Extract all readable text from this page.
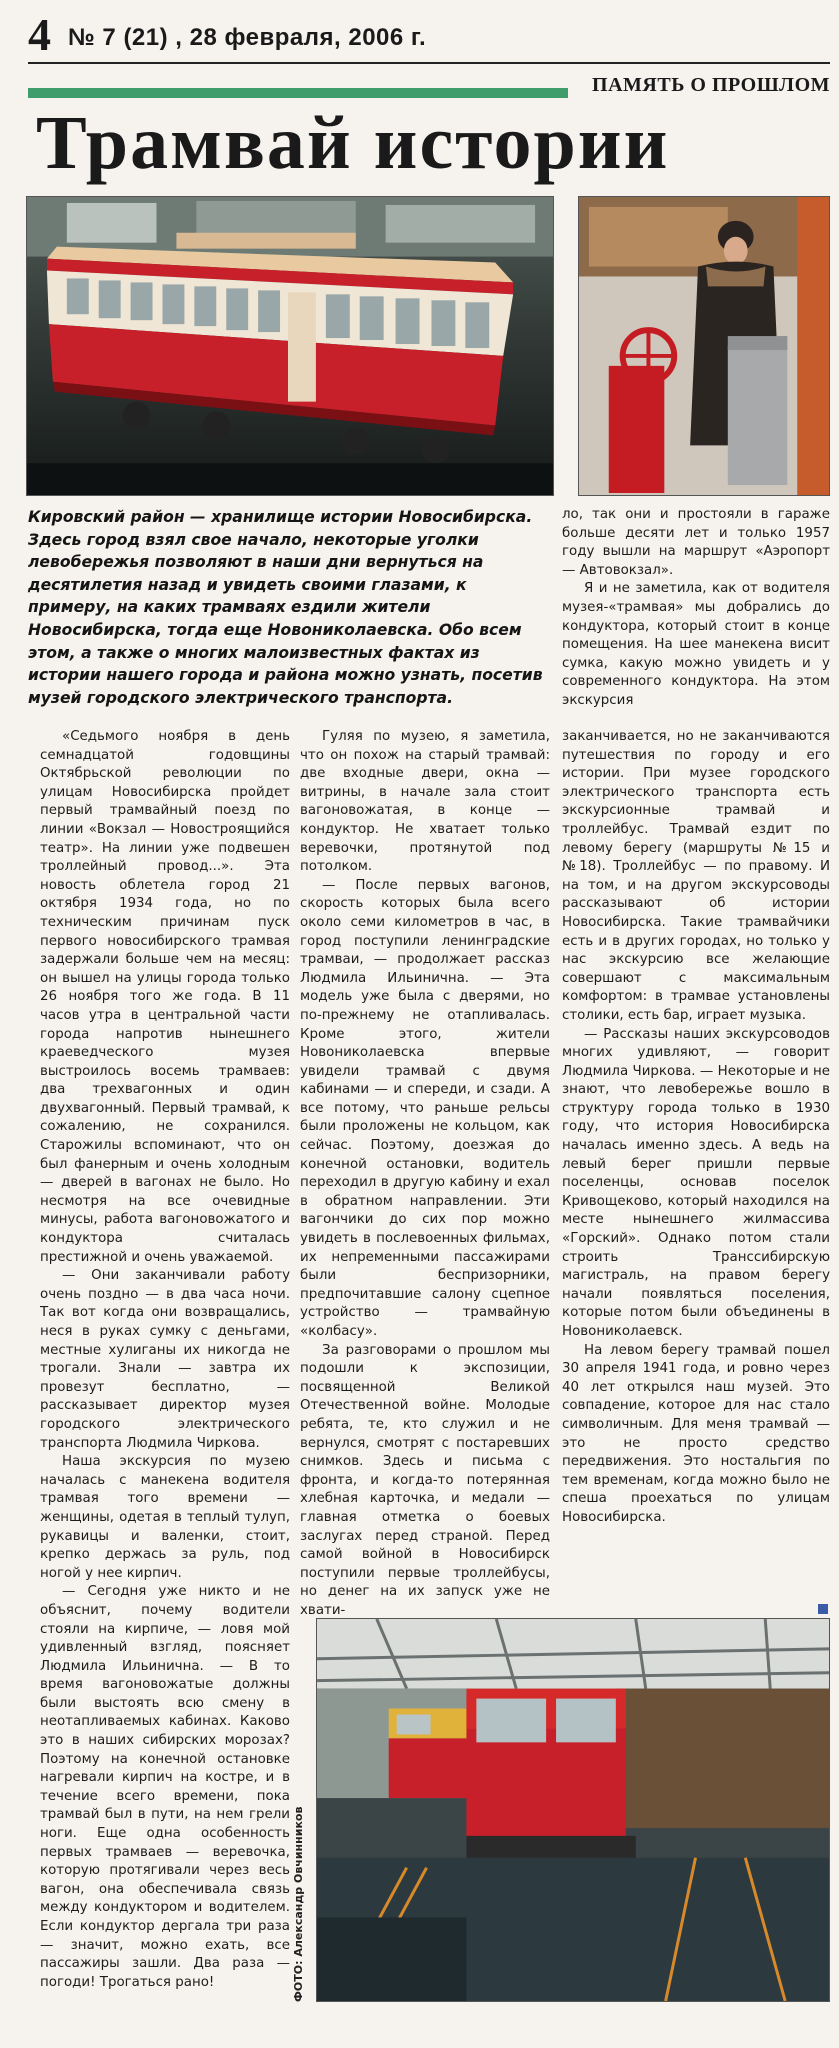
4 № 7 (21) , 28 февраля, 2006 г.
ПАМЯТЬ О ПРОШЛОМ
Трамвай истории
Кировский район — хранилище истории Новосибирска. Здесь город взял свое начало, некоторые уголки левобережья позволяют в наши дни вернуться на десятилетия назад и увидеть своими глазами, к примеру, на каких трамваях ездили жители Новосибирска, тогда еще Новониколаевска. Обо всем этом, а также о многих малоизвестных фактах из истории нашего города и района можно узнать, посетив музей городского электрического транспорта.

ло, так они и простояли в гараже больше десяти лет и только 1957 году вышли на маршрут «Аэропорт — Автовокзал».

Я и не заметила, как от водителя музея-«трамвая» мы добрались до кондуктора, который стоит в конце помещения. На шее манекена висит сумка, какую можно увидеть и у современного кондуктора. На этом экскурсия

«Седьмого ноября в день семнадцатой годовщины Октябрьской революции по улицам Новосибирска пройдет первый трамвайный поезд по линии «Вокзал — Новостроящийся театр». На линии уже подвешен троллейный провод...». Эта новость облетела город 21 октября 1934 года, но по техническим причинам пуск первого новосибирского трамвая задержали больше чем на месяц: он вышел на улицы города только 26 ноября того же года. В 11 часов утра в центральной части города напротив нынешнего краеведческого музея выстроилось восемь трамваев: два трехвагонных и один двухвагонный. Первый трамвай, к сожалению, не сохранился. Старожилы вспоминают, что он был фанерным и очень холодным — дверей в вагонах не было. Но несмотря на все очевидные минусы, работа вагоновожатого и кондуктора считалась престижной и очень уважаемой.

— Они заканчивали работу очень поздно — в два часа ночи. Так вот когда они возвращались, неся в руках сумку с деньгами, местные хулиганы их никогда не трогали. Знали — завтра их провезут бесплатно, — рассказывает директор музея городского электрического транспорта Людмила Чиркова.

Наша экскурсия по музею началась с манекена водителя трамвая того времени — женщины, одетая в теплый тулуп, рукавицы и валенки, стоит, крепко держась за руль, под ногой у нее кирпич.

— Сегодня уже никто и не объяснит, почему водители стояли на кирпиче, — ловя мой удивленный взгляд, поясняет Людмила Ильинична. — В то время вагоновожатые должны были выстоять всю смену в неотапливаемых кабинах. Каково это в наших сибирских морозах? Поэтому на конечной остановке нагревали кирпич на костре, и в течение всего времени, пока трамвай был в пути, на нем грели ноги. Еще одна особенность первых трамваев — веревочка, которую протягивали через весь вагон, она обеспечивала связь между кондуктором и водителем. Если кондуктор дергала три раза — значит, можно ехать, все пассажиры зашли. Два раза — погоди! Трогаться рано!

Гуляя по музею, я заметила, что он похож на старый трамвай: две входные двери, окна — витрины, в начале зала стоит вагоновожатая, в конце — кондуктор. Не хватает только веревочки, протянутой под потолком.

— После первых вагонов, скорость которых была всего около семи километров в час, в город поступили ленинградские трамваи, — продолжает рассказ Людмила Ильинична. — Эта модель уже была с дверями, но по-прежнему не отапливалась. Кроме этого, жители Новониколаевска впервые увидели трамвай с двумя кабинами — и спереди, и сзади. А все потому, что раньше рельсы были проложены не кольцом, как сейчас. Поэтому, доезжая до конечной остановки, водитель переходил в другую кабину и ехал в обратном направлении. Эти вагончики до сих пор можно увидеть в послевоенных фильмах, их непременными пассажирами были беспризорники, предпочитавшие салону сцепное устройство — трамвайную «колбасу».

За разговорами о прошлом мы подошли к экспозиции, посвященной Великой Отечественной войне. Молодые ребята, те, кто служил и не вернулся, смотрят с постаревших снимков. Здесь и письма с фронта, и когда-то потерянная хлебная карточка, и медали — главная отметка о боевых заслугах перед страной. Перед самой войной в Новосибирск поступили первые троллейбусы, но денег на их запуск уже не хвати-

заканчивается, но не заканчиваются путешествия по городу и его истории. При музее городского электрического транспорта есть экскурсионные трамвай и троллейбус. Трамвай ездит по левому берегу (маршруты №15 и №18). Троллейбус — по правому. И на том, и на другом экскурсоводы рассказывают об истории Новосибирска. Такие трамвайчики есть и в других городах, но только у нас экскурсию все желающие совершают с максимальным комфортом: в трамвае установлены столики, есть бар, играет музыка.

— Рассказы наших экскурсоводов многих удивляют, — говорит Людмила Чиркова. — Некоторые и не знают, что левобережье вошло в структуру города только в 1930 году, что история Новосибирска началась именно здесь. А ведь на левый берег пришли первые поселенцы, основав поселок Кривощеково, который находился на месте нынешнего жилмассива «Горский». Однако потом стали строить Транссибирскую магистраль, на правом берегу начали появляться поселения, которые потом были объединены в Новониколаевск.

На левом берегу трамвай пошел 30 апреля 1941 года, и ровно через 40 лет открылся наш музей. Это совпадение, которое для нас стало символичным. Для меня трамвай — это не просто средство передвижения. Это ностальгия по тем временам, когда можно было не спеша проехаться по улицам Новосибирска.

ФОТО: Александр Овчинников
